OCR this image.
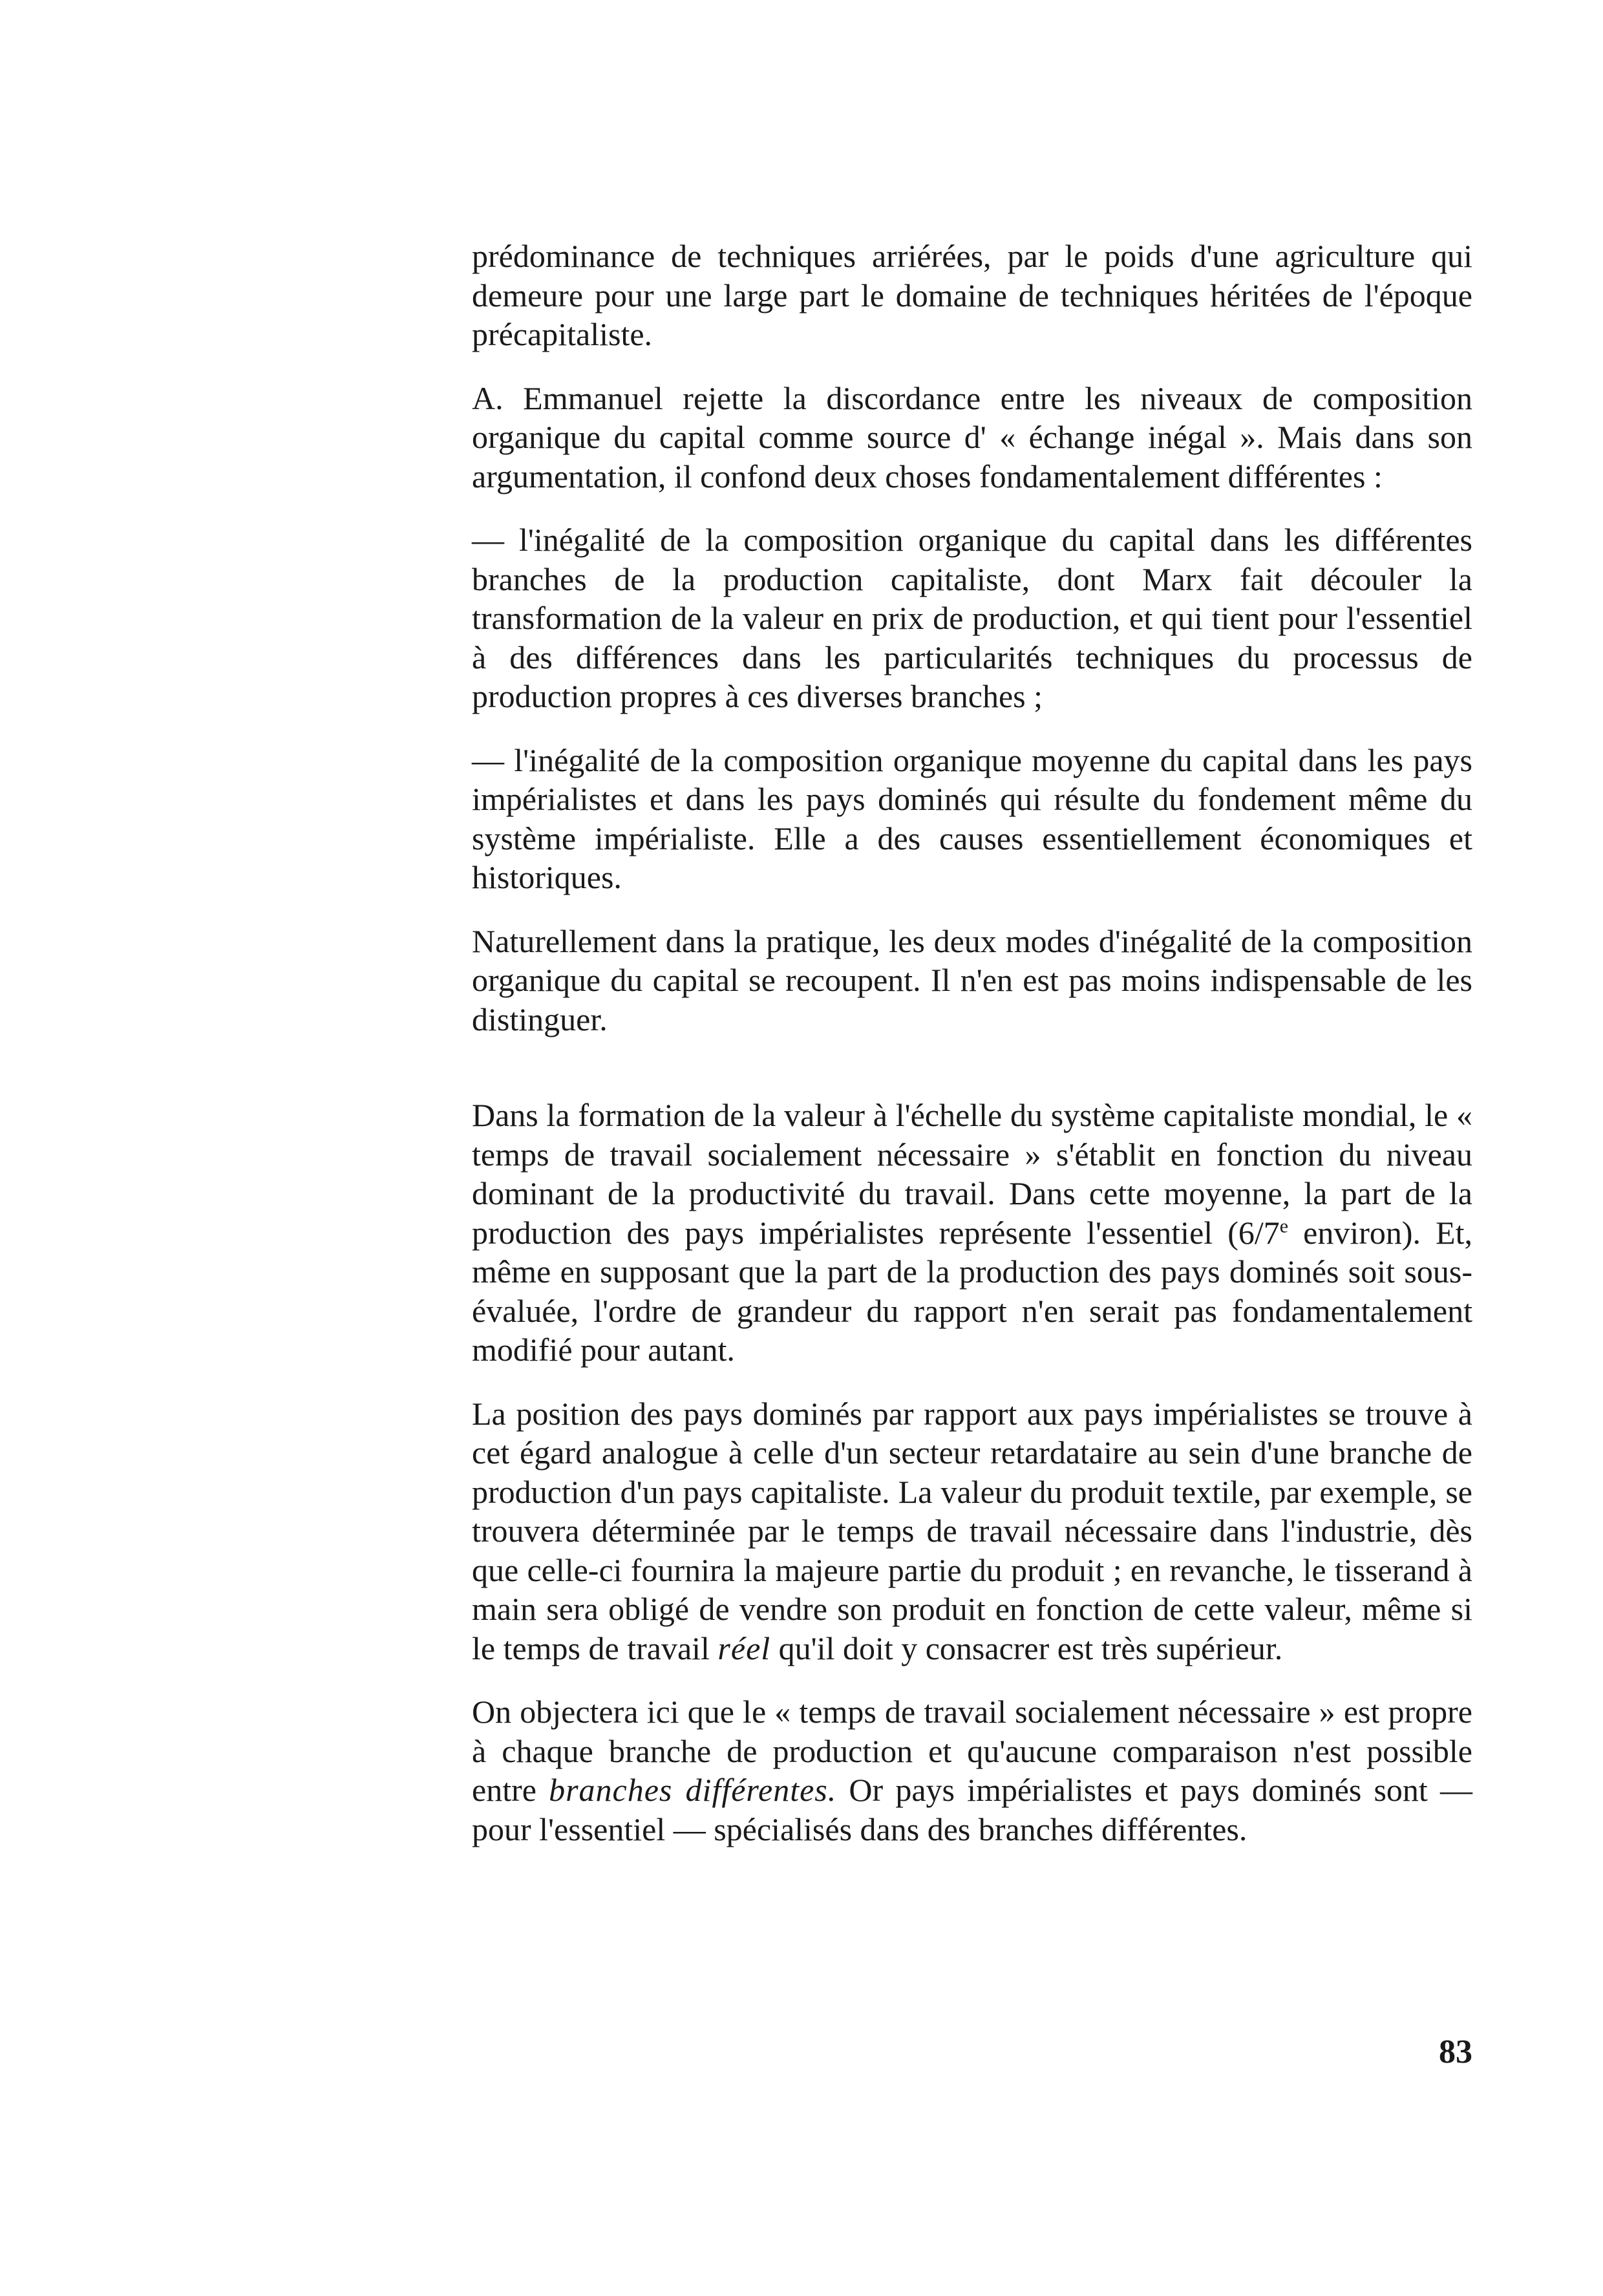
prédominance de techniques arriérées, par le poids d'une agriculture qui demeure pour une large part le domaine de techniques héritées de l'époque précapitaliste.

A. Emmanuel rejette la discordance entre les niveaux de composition organique du capital comme source d' « échange inégal ». Mais dans son argumentation, il confond deux choses fondamentalement différentes :

— l'inégalité de la composition organique du capital dans les différentes branches de la production capitaliste, dont Marx fait découler la transformation de la valeur en prix de production, et qui tient pour l'essentiel à des différences dans les particularités techniques du processus de production propres à ces diverses branches ;

— l'inégalité de la composition organique moyenne du capital dans les pays impérialistes et dans les pays dominés qui résulte du fondement même du système impérialiste. Elle a des causes essentiellement économiques et historiques.

Naturellement dans la pratique, les deux modes d'inégalité de la composition organique du capital se recoupent. Il n'en est pas moins indispensable de les distinguer.

Dans la formation de la valeur à l'échelle du système capitaliste mondial, le « temps de travail socialement nécessaire » s'établit en fonction du niveau dominant de la productivité du travail. Dans cette moyenne, la part de la production des pays impérialistes représente l'essentiel (6/7e environ). Et, même en supposant que la part de la production des pays dominés soit sous-évaluée, l'ordre de grandeur du rapport n'en serait pas fondamentalement modifié pour autant.

La position des pays dominés par rapport aux pays impérialistes se trouve à cet égard analogue à celle d'un secteur retardataire au sein d'une branche de production d'un pays capitaliste. La valeur du produit textile, par exemple, se trouvera déterminée par le temps de travail nécessaire dans l'industrie, dès que celle-ci fournira la majeure partie du produit ; en revanche, le tisserand à main sera obligé de vendre son produit en fonction de cette valeur, même si le temps de travail réel qu'il doit y consacrer est très supérieur.

On objectera ici que le « temps de travail socialement nécessaire » est propre à chaque branche de production et qu'aucune comparaison n'est possible entre branches différentes. Or pays impérialistes et pays dominés sont — pour l'essentiel — spécialisés dans des branches différentes.

83
